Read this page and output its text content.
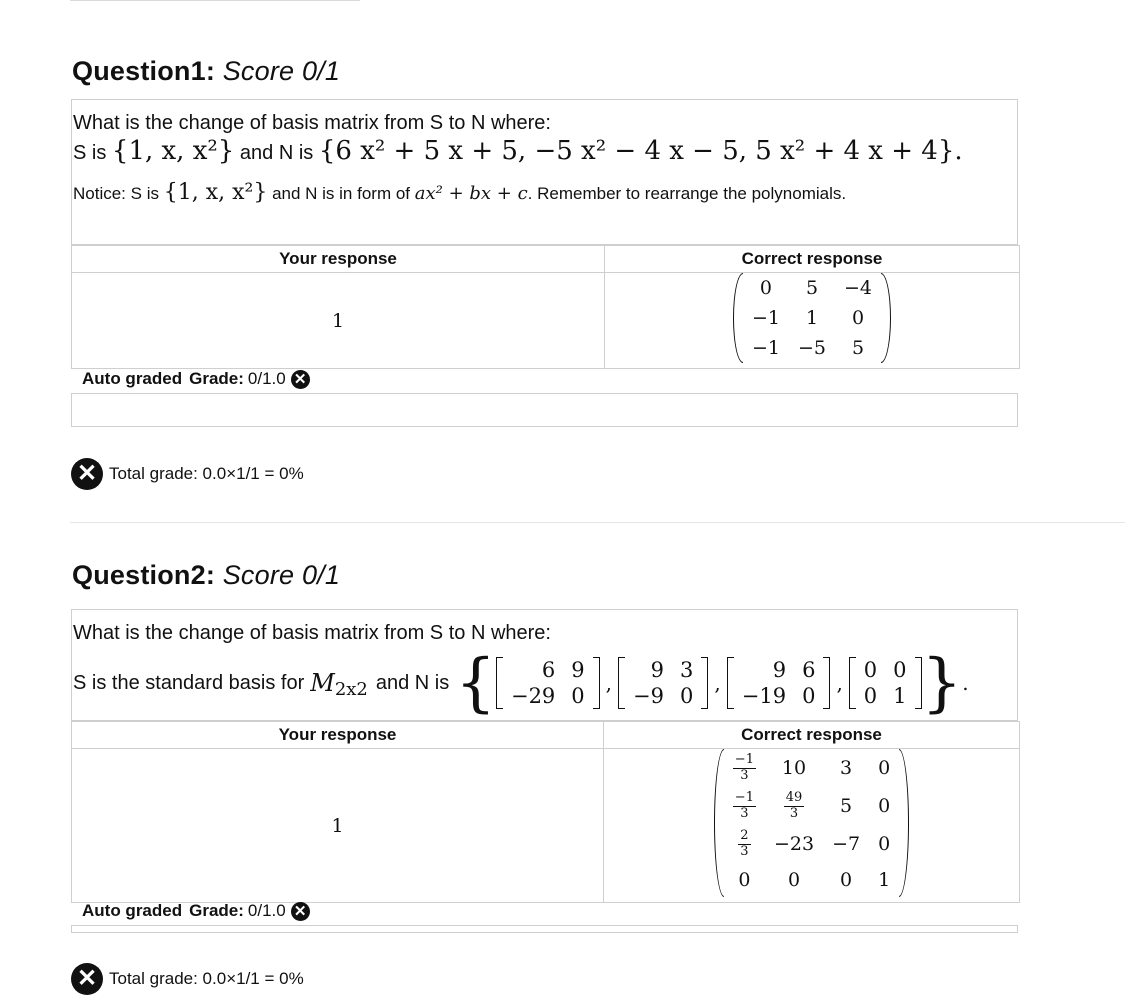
Question1: Score 0/1
What is the change of basis matrix from S to N where:
S is {1, x, x²} and N is {6 x² + 5 x + 5, −5 x² − 4 x − 5, 5 x² + 4 x + 4}.
Notice: S is {1, x, x²} and N is in form of ax² + bx + c. Remember to rearrange the polynomials.
Your response	Correct response
1	
0	5	−4
−1	1	0
−1	−5	5
Auto graded Grade: 0/1.0 ✕
✕ Total grade: 0.0×1/1 = 0%
Question2: Score 0/1
What is the change of basis matrix from S to N where:
S is the standard basis for M 2x2 and N is { 6	9
−29	0
,
9	3
−9	0
,
9	6
−19	0
,
0	0
0	1 } .
Your response	Correct response
1	
$\frac{-1}{3}$	10	3	0

$\frac{-1}{3}$	$\frac{49}{3}$	5	0

$\frac{2}{3}$	−23	−7	0
0	0	0	1
Auto graded Grade: 0/1.0 ✕
✕ Total grade: 0.0×1/1 = 0%
